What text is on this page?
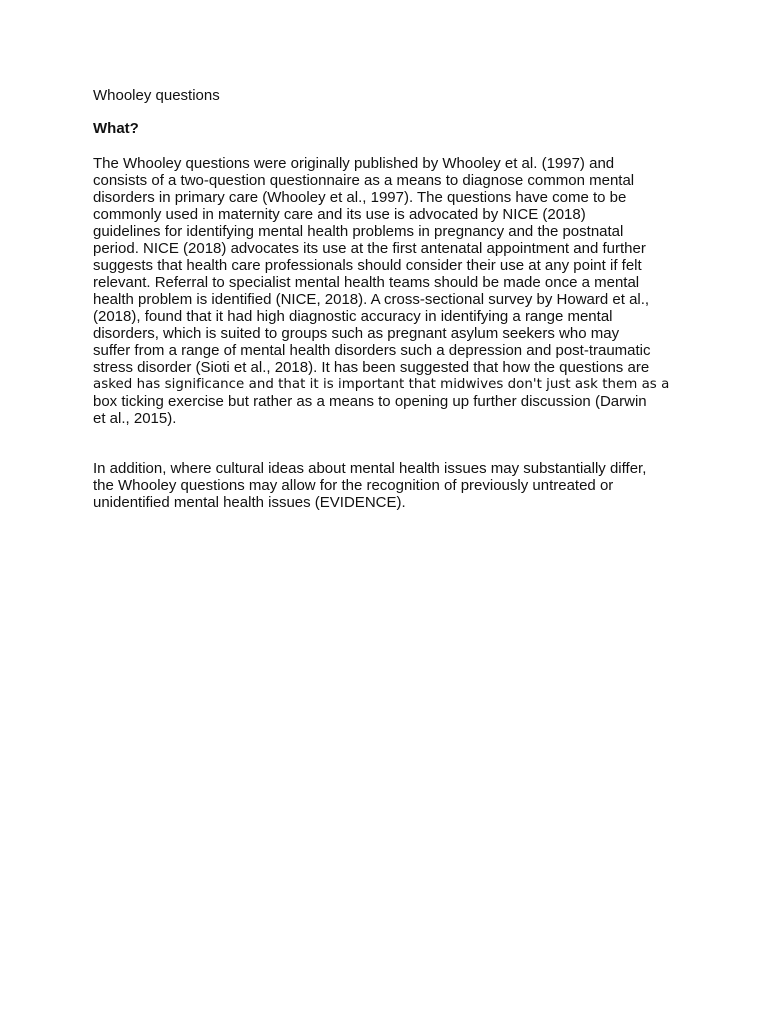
Whooley questions
What?
The Whooley questions were originally published by Whooley et al. (1997) and
consists of a two-question questionnaire as a means to diagnose common mental
disorders in primary care (Whooley et al., 1997). The questions have come to be
commonly used in maternity care and its use is advocated by NICE (2018)
guidelines for identifying mental health problems in pregnancy and the postnatal
period. NICE (2018) advocates its use at the first antenatal appointment and further
suggests that health care professionals should consider their use at any point if felt
relevant. Referral to specialist mental health teams should be made once a mental
health problem is identified (NICE, 2018). A cross-sectional survey by Howard et al.,
(2018), found that it had high diagnostic accuracy in identifying a range mental
disorders, which is suited to groups such as pregnant asylum seekers who may
suffer from a range of mental health disorders such a depression and post-traumatic
stress disorder (Sioti et al., 2018). It has been suggested that how the questions are
asked has significance and that it is important that midwives don't just ask them as a
box ticking exercise but rather as a means to opening up further discussion (Darwin
et al., 2015).
In addition, where cultural ideas about mental health issues may substantially differ,
the Whooley questions may allow for the recognition of previously untreated or
unidentified mental health issues (EVIDENCE).
